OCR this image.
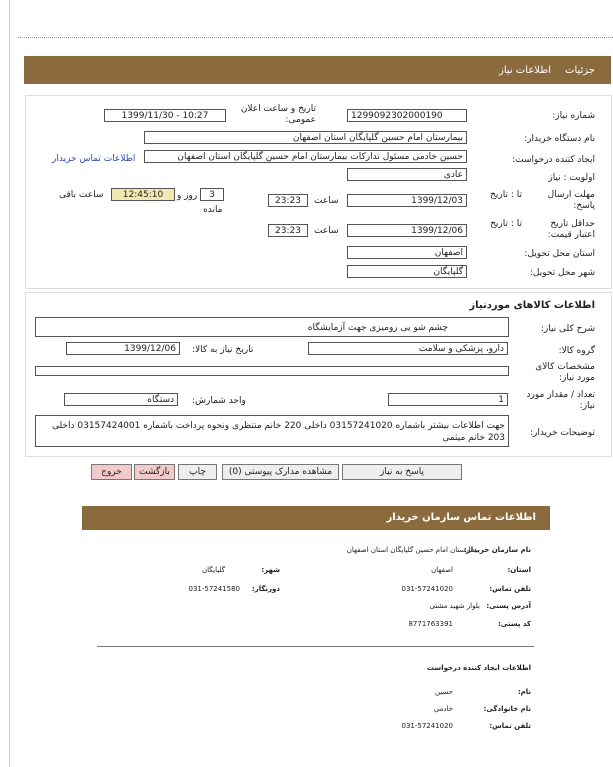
جزئیات
اطلاعات نیاز
شماره نیاز:
1299092302000190
تاریخ و ساعت اعلان عمومی:
1399/11/30 - 10:27
نام دستگاه خریدار:
بیمارستان امام حسین گلپایگان استان اصفهان
ایجاد کننده درخواست:
حسین خادمی مسئول تدارکات بیمارستان امام حسین گلپایگان استان اصفهان
اطلاعات تماس خریدار
اولویت : نیاز
عادی
مهلت ارسال پاسخ:
تا : تاریخ
1399/12/03
ساعت
23:23
3
روز و
12:45:10
ساعت باقی
مانده
حداقل تاریخ اعتبار قیمت:
تا : تاریخ
1399/12/06
ساعت
23:23
استان محل تحویل:
اصفهان
شهر محل تحویل:
گلپایگان
اطلاعات کالاهای موردنیاز
شرح کلی نیاز:
چشم شو یی رومیزی جهت آزمایشگاه
گروه کالا:
دارو، پزشکی و سلامت
تاریخ نیاز به کالا:
1399/12/06
مشخصات کالای مورد نیاز:
تعداد / مقدار مورد نیاز:
1
واحد شمارش:
دستگاه
توضیحات خریدار:
جهت اطلاعات بیشتر باشماره 03157241020 داخلی 220 خانم منتظری ونحوه پرداخت باشماره 03157424001 داخلی 203 خانم میثمی
پاسخ به نیاز
مشاهده مدارک پیوستی (0)
چاپ
بازگشت
خروج
اطلاعات تماس سازمان خریدار
نام سازمان خریدار:
بیمارستان امام حسین گلپایگان استان اصفهان
استان:
اصفهان
شهر:
گلپایگان
تلفن تماس:
031-57241020
دورنگار:
031-57241580
آدرس پستی:
بلوار شهید مشتی
کد پستی:
8771763391
اطلاعات ایجاد کننده درخواست
نام:
حسین
نام خانوادگی:
خادمی
تلفن تماس:
031-57241020
